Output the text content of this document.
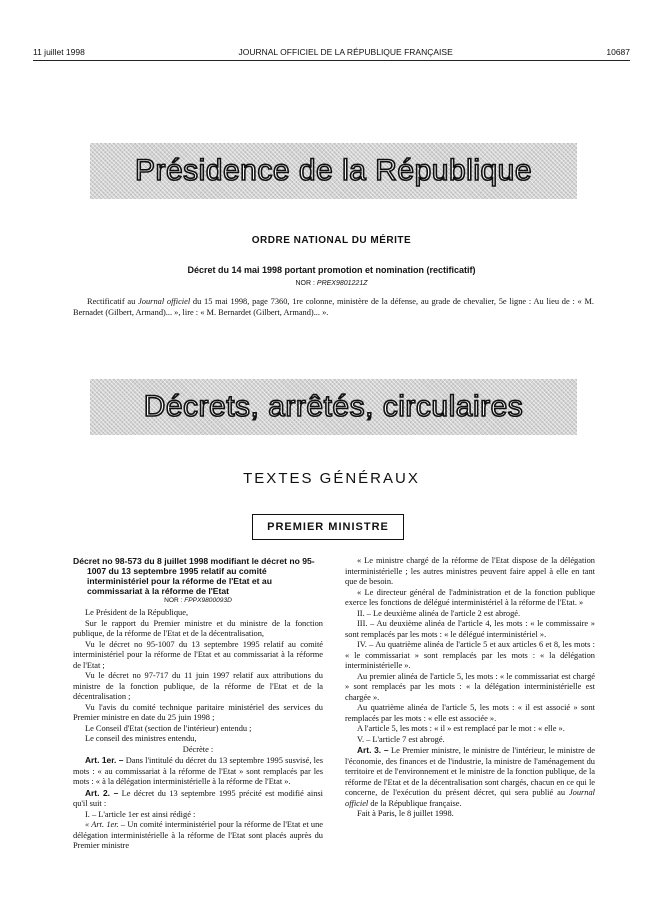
11 juillet 1998	JOURNAL OFFICIEL DE LA RÉPUBLIQUE FRANÇAISE	10687
Présidence de la République
ORDRE NATIONAL DU MÉRITE
Décret du 14 mai 1998 portant promotion et nomination (rectificatif)
NOR : PREX9801221Z

Rectificatif au Journal officiel du 15 mai 1998, page 7360, 1re colonne, ministère de la défense, au grade de chevalier, 5e ligne : Au lieu de : « M. Bernadet (Gilbert, Armand)... », lire : « M. Bernardet (Gilbert, Armand)... ».

Décrets, arrêtés, circulaires
TEXTES GÉNÉRAUX
PREMIER MINISTRE

Décret no 98-573 du 8 juillet 1998 modifiant le décret no 95-1007 du 13 septembre 1995 relatif au comité interministériel pour la réforme de l'Etat et au commissariat à la réforme de l'Etat

NOR : FPPX9800093D

Le Président de la République,

Sur le rapport du Premier ministre et du ministre de la fonction publique, de la réforme de l'Etat et de la décentralisation,

Vu le décret no 95-1007 du 13 septembre 1995 relatif au comité interministériel pour la réforme de l'Etat et au commissariat à la réforme de l'Etat ;

Vu le décret no 97-717 du 11 juin 1997 relatif aux attributions du ministre de la fonction publique, de la réforme de l'Etat et de la décentralisation ;

Vu l'avis du comité technique paritaire ministériel des services du Premier ministre en date du 25 juin 1998 ;

Le Conseil d'Etat (section de l'intérieur) entendu ;

Le conseil des ministres entendu,

Décrète :

Art. 1er. – Dans l'intitulé du décret du 13 septembre 1995 susvisé, les mots : « au commissariat à la réforme de l'Etat » sont remplacés par les mots : « à la délégation interministérielle à la réforme de l'Etat ».

Art. 2. – Le décret du 13 septembre 1995 précité est modifié ainsi qu'il suit :

I. – L'article 1er est ainsi rédigé :

« Art. 1er. – Un comité interministériel pour la réforme de l'Etat et une délégation interministérielle à la réforme de l'Etat sont placés auprès du Premier ministre

« Le ministre chargé de la réforme de l'Etat dispose de la délégation interministérielle ; les autres ministres peuvent faire appel à elle en tant que de besoin.

« Le directeur général de l'administration et de la fonction publique exerce les fonctions de délégué interministériel à la réforme de l'Etat. »

II. – Le deuxième alinéa de l'article 2 est abrogé.

III. – Au deuxième alinéa de l'article 4, les mots : « le commissaire » sont remplacés par les mots : « le délégué interministériel ».

IV. – Au quatrième alinéa de l'article 5 et aux articles 6 et 8, les mots : « le commissariat » sont remplacés par les mots : « la délégation interministérielle ».

Au premier alinéa de l'article 5, les mots : « le commissariat est chargé » sont remplacés par les mots : « la délégation interministérielle est chargée ».

Au quatrième alinéa de l'article 5, les mots : « il est associé » sont remplacés par les mots : « elle est associée ».

A l'article 5, les mots : « il » est remplacé par le mot : « elle ».

V. – L'article 7 est abrogé.

Art. 3. – Le Premier ministre, le ministre de l'intérieur, le ministre de l'économie, des finances et de l'industrie, la ministre de l'aménagement du territoire et de l'environnement et le ministre de la fonction publique, de la réforme de l'Etat et de la décentralisation sont chargés, chacun en ce qui le concerne, de l'exécution du présent décret, qui sera publié au Journal officiel de la République française.

Fait à Paris, le 8 juillet 1998.
